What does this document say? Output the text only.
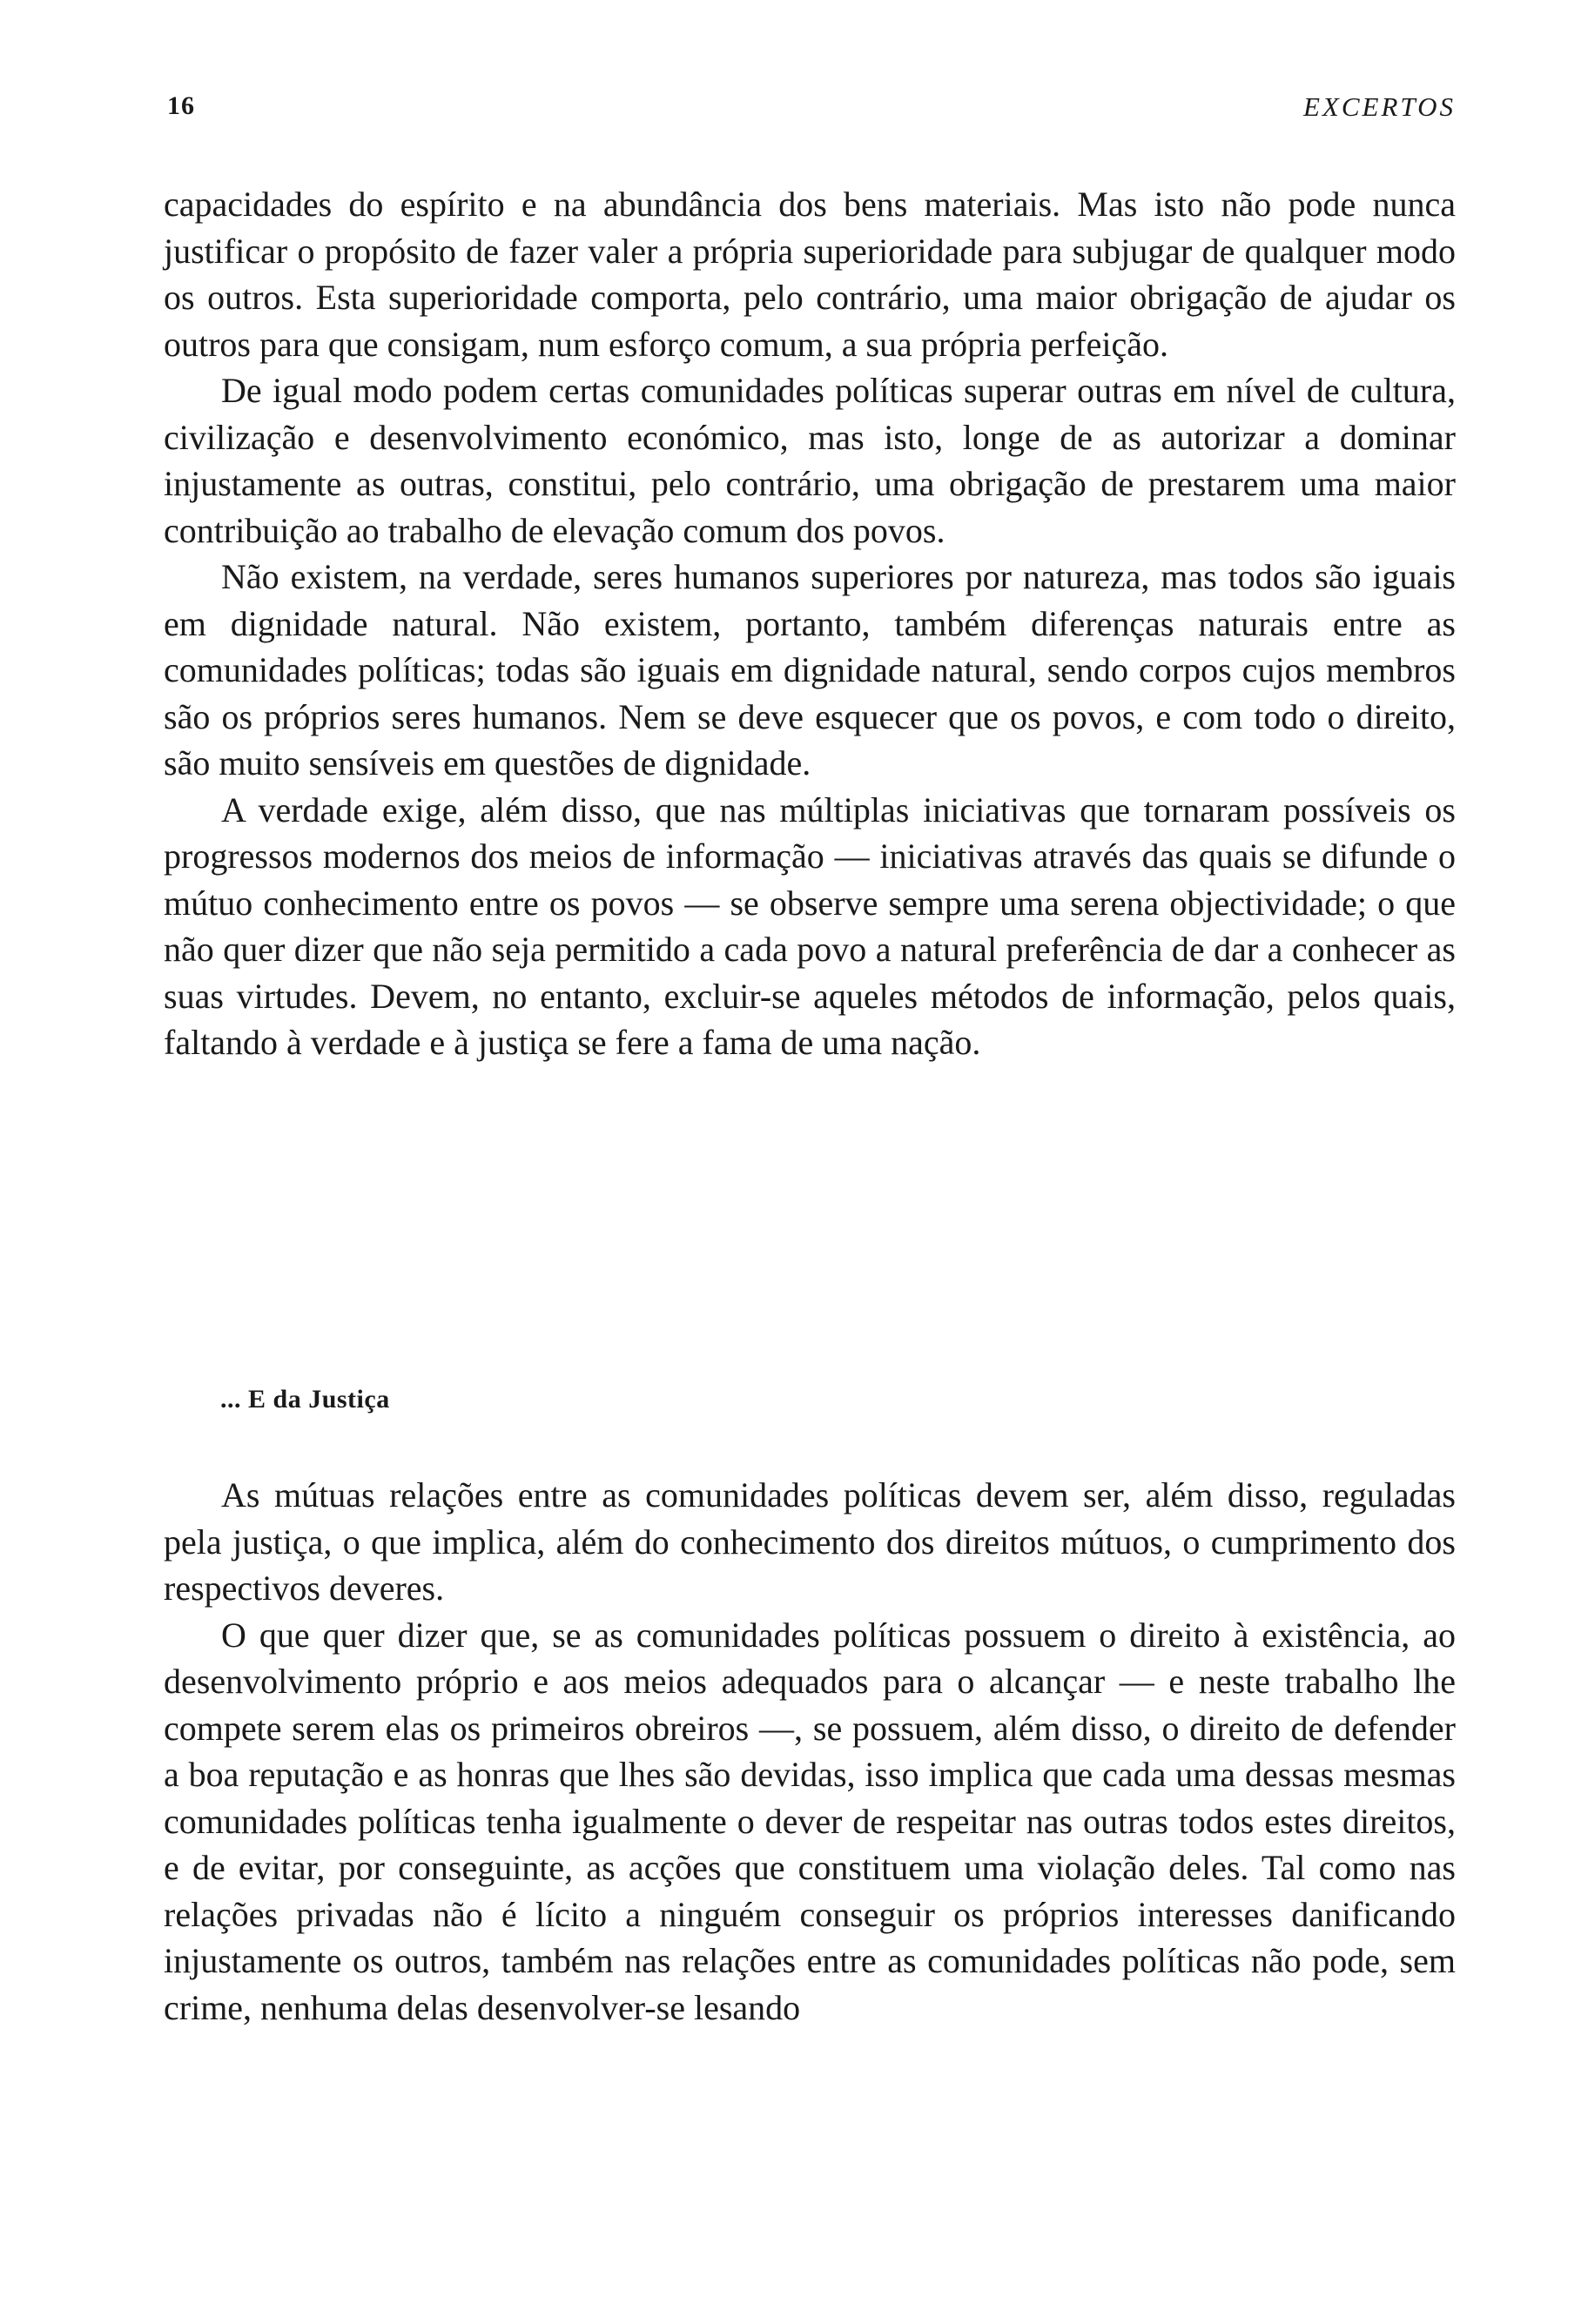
16	EXCERTOS

capacidades do espírito e na abundância dos bens materiais. Mas isto não pode nunca justificar o propósito de fazer valer a própria superioridade para subjugar de qualquer modo os outros. Esta superioridade comporta, pelo contrário, uma maior obrigação de ajudar os outros para que consigam, num esforço comum, a sua própria perfeição.

De igual modo podem certas comunidades políticas superar outras em nível de cultura, civilização e desenvolvimento económico, mas isto, longe de as autorizar a dominar injustamente as outras, constitui, pelo contrário, uma obrigação de prestarem uma maior contribuição ao trabalho de elevação comum dos povos.

Não existem, na verdade, seres humanos superiores por natureza, mas todos são iguais em dignidade natural. Não existem, portanto, também diferenças naturais entre as comunidades políticas; todas são iguais em dignidade natural, sendo corpos cujos membros são os próprios seres humanos. Nem se deve esquecer que os povos, e com todo o direito, são muito sensíveis em questões de dignidade.

A verdade exige, além disso, que nas múltiplas iniciativas que tornaram possíveis os progressos modernos dos meios de informação — iniciativas através das quais se difunde o mútuo conhecimento entre os povos — se observe sempre uma serena objectividade; o que não quer dizer que não seja permitido a cada povo a natural preferência de dar a conhecer as suas virtudes. Devem, no entanto, excluir-se aqueles métodos de informação, pelos quais, faltando à verdade e à justiça se fere a fama de uma nação.

... E da Justiça

As mútuas relações entre as comunidades políticas devem ser, além disso, reguladas pela justiça, o que implica, além do conhecimento dos direitos mútuos, o cumprimento dos respectivos deveres.

O que quer dizer que, se as comunidades políticas possuem o direito à existência, ao desenvolvimento próprio e aos meios adequados para o alcançar — e neste trabalho lhe compete serem elas os primeiros obreiros —, se possuem, além disso, o direito de defender a boa reputação e as honras que lhes são devidas, isso implica que cada uma dessas mesmas comunidades políticas tenha igualmente o dever de respeitar nas outras todos estes direitos, e de evitar, por conseguinte, as acções que constituem uma violação deles. Tal como nas relações privadas não é lícito a ninguém conseguir os próprios interesses danificando injustamente os outros, também nas relações entre as comunidades políticas não pode, sem crime, nenhuma delas desenvolver-se lesando
